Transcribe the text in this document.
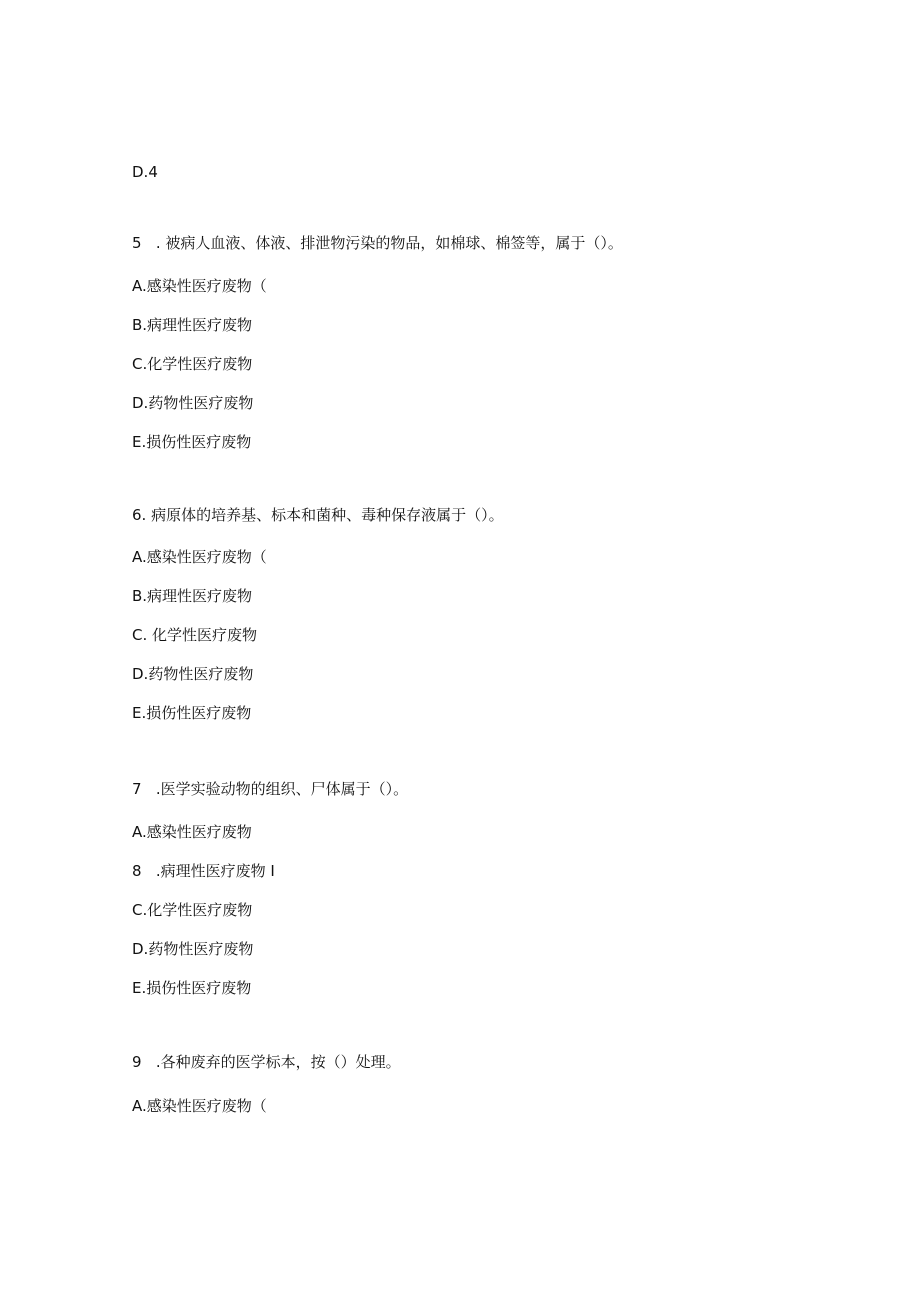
D.4
5   . 被病人血液、体液、排泄物污染的物品，如棉球、棉签等，属于（）。
A.感染性医疗废物（
B.病理性医疗废物
C.化学性医疗废物
D.药物性医疗废物
E.损伤性医疗废物
6. 病原体的培养基、标本和菌种、毒种保存液属于（）。
A.感染性医疗废物（
B.病理性医疗废物
C. 化学性医疗废物
D.药物性医疗废物
E.损伤性医疗废物
7   .医学实验动物的组织、尸体属于（）。
A.感染性医疗废物
8   .病理性医疗废物 I
C.化学性医疗废物
D.药物性医疗废物
E.损伤性医疗废物
9   .各种废弃的医学标本，按（）处理。
A.感染性医疗废物（
